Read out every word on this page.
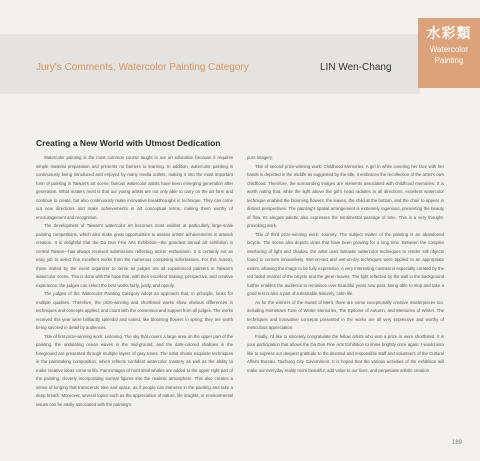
水彩類
Watercolor
Painting
Jury's Comments, Watercolor Painting Category	LIN Wen-Chang
Creating a New World with Utmost Dedication

Watercolor painting is the most common course taught in our art education because it requires simple material preparation and presents no barriers to learning. In addition, watercolor painting is continuously being introduced and enjoyed by many media outlets, making it into the most important form of painting in Taiwan's art scene; famous watercolor artists have been emerging generation after generation. What matters most is that our young artists are not only able to carry on the art form and continue to create, but also continuously make innovative breakthroughs in technique. They can come out new directions and make achievements in art conceptual terms, making them worthy of encouragement and recognition.

The development of Taiwan's watercolor art becomes most evident at particularly large-scale painting competitions, which also make great opportunities to assess artists' achievements in artwork creation. It is delightful that the Da Dun Fine Arts Exhibition—the grandest annual art exhibition in central Taiwan—has always received submissions reflecting artists' enthusiasm. It is certainly not an easy job to select fine excellent works from the numerous competing submissions. For this reason, those invited by the event organizer to serve as judges are all experienced painters in Taiwan's watercolor scene. This is done with the hope that, with their excellent training, perspective, and creative experience, the judges can select the best works fairly, justly, and openly.

The judges of the Watercolor Painting Category adopt an approach that, in principle, looks for multiple qualities. Therefore, the prize-winning and shortlisted works show obvious differences in techniques and concepts applied, and count with the consensus and support from all judges. The works received this year were brilliantly splendid and varied, like blooming flowers in spring; they are worth being savored in detail by audiences.

Title of first prize-winning work: Listening. The sky that covers a large area on the upper part of the painting, the undulating ocean waves in the mid-ground, and the dark-colored shallows in the foreground are presented through multiple layers of gray tones. The artist shows exquisite techniques in the painstaking composition, which reflects confident watercolor mastery as well as the ability to make creative ideas come to life. Faint images of horizontal whales are added to the upper right part of the painting, cleverly incorporating surreal figures into the realistic atmosphere. This also creates a sense of longing that transcends time and space, as if people can immerse in the painting and take a deep breath. Moreover, several topics such as the appreciation of nature, life insights, or environmental issues can be easily associated with the painting's

pure imagery.

Title of second prize-winning work: Childhood Memories. A girl in white covering her face with her hands is depicted in the middle as suggested by the title, it embraces the recollection of the artist's own childhood. Therefore, the surrounding images are elements associated with childhood memories. It is worth noting that, while the light above the girl's head radiates in all directions, excellent watercolor technique enabled the blooming flowers, the leaves, the child at the bottom, and the chair to appear in distinct perspectives. The painting's spatial arrangement is extremely ingenious, presenting the beauty of flow. Its elegant palette also expresses the sentimental passage of time. This is a very thought-provoking work.

Title of third prize-winning work: Journey. The subject matter of the painting is an abandoned bicycle. The scene also depicts vines that have been growing for a long time. Between the complex interlacing of light and shadow, the artist uses fantastic watercolor techniques to render still objects found in corners innovatively. Wet-on-wet and wet-on-dry techniques were applied to an appropriate extent, allowing the image to be fully expressive. A very interesting contrast is especially created by the red faded enamel of the bicycle and the green leaves. The light reflected by the wall in the background further enables the audience to reminisce over beautiful years now past, being able to stop and take a good rest is also a part of a desirable leisurely, calm life.

As for the winners of the Award of Merit, there are some exceptionally creative masterpieces too, including Hometown Tone of Winter Memories, The Epitome of Autumn, and Memories of Winter. The techniques and innovative concepts presented in the works are all very impressive and worthy of meticulous appreciation.

Finally, I'd like to sincerely congratulate the fellow artists who won a prize or were shortlisted. It is your participation that allows the Da Dun Fine Arts Exhibition to shine brightly once again. I would also like to express our deepest gratitude to the devoted and responsible staff and volunteers of the Cultural Affairs Bureau, Taichung City Government. It is hoped that the various activities of the exhibition will make our everyday reality more beautiful, add value to our lives, and perpetuate artistic creation.

189
